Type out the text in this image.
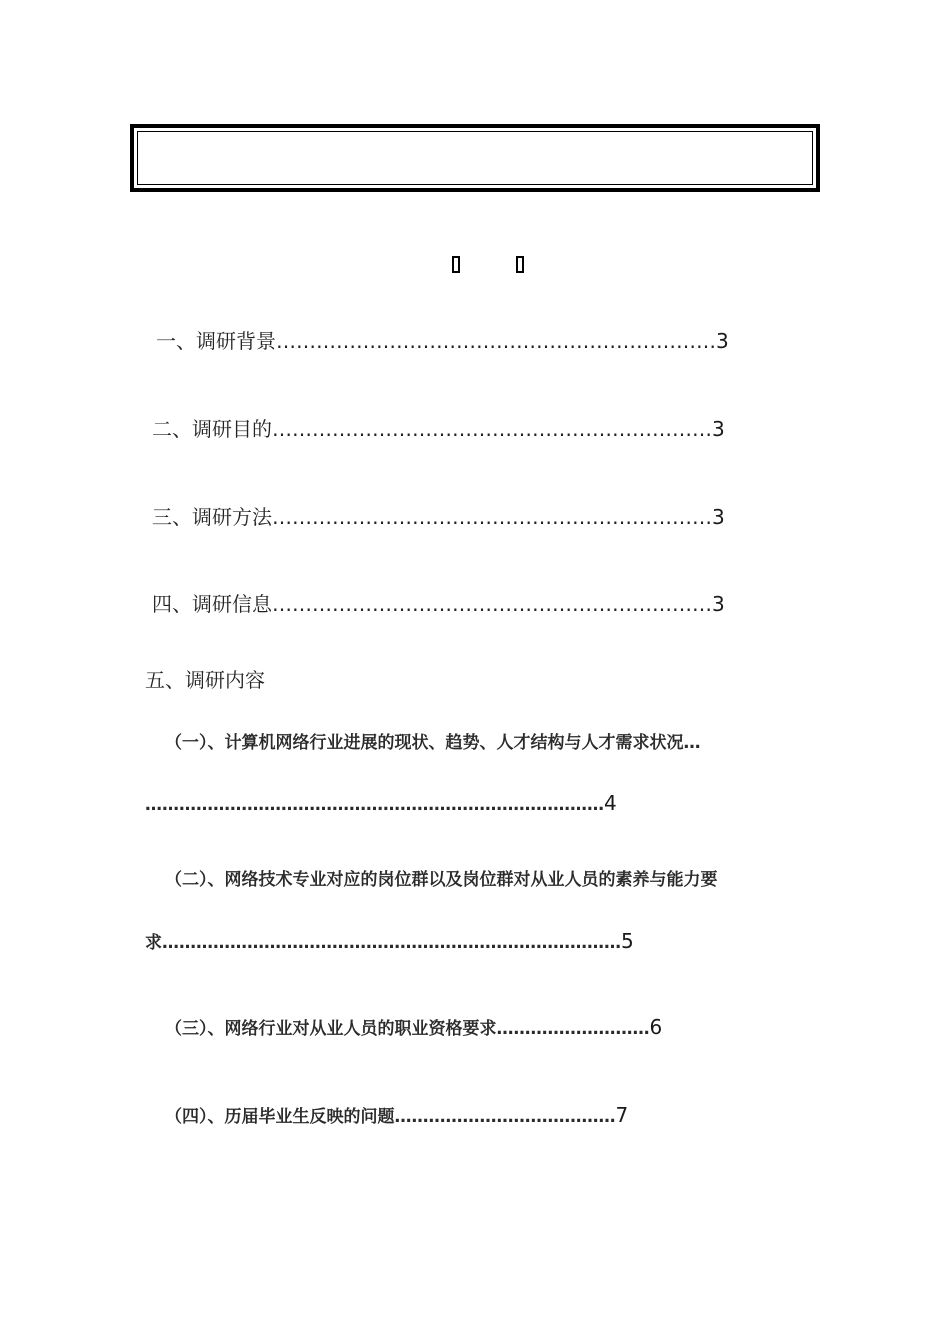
一、调研背景…………………………………………………………3
二、调研目的…………………………………………………………3
三、调研方法…………………………………………………………3
四、调研信息…………………………………………………………3
五、调研内容
（一）、计算机网络行业进展的现状、趋势、人才结构与人才需求状况…
………………………………………………………………………4
（二）、网络技术专业对应的岗位群以及岗位群对从业人员的素养与能力要
求………………………………………………………………………5
（三）、网络行业对从业人员的职业资格要求………………………6
（四）、历届毕业生反映的问题…………………………………7
